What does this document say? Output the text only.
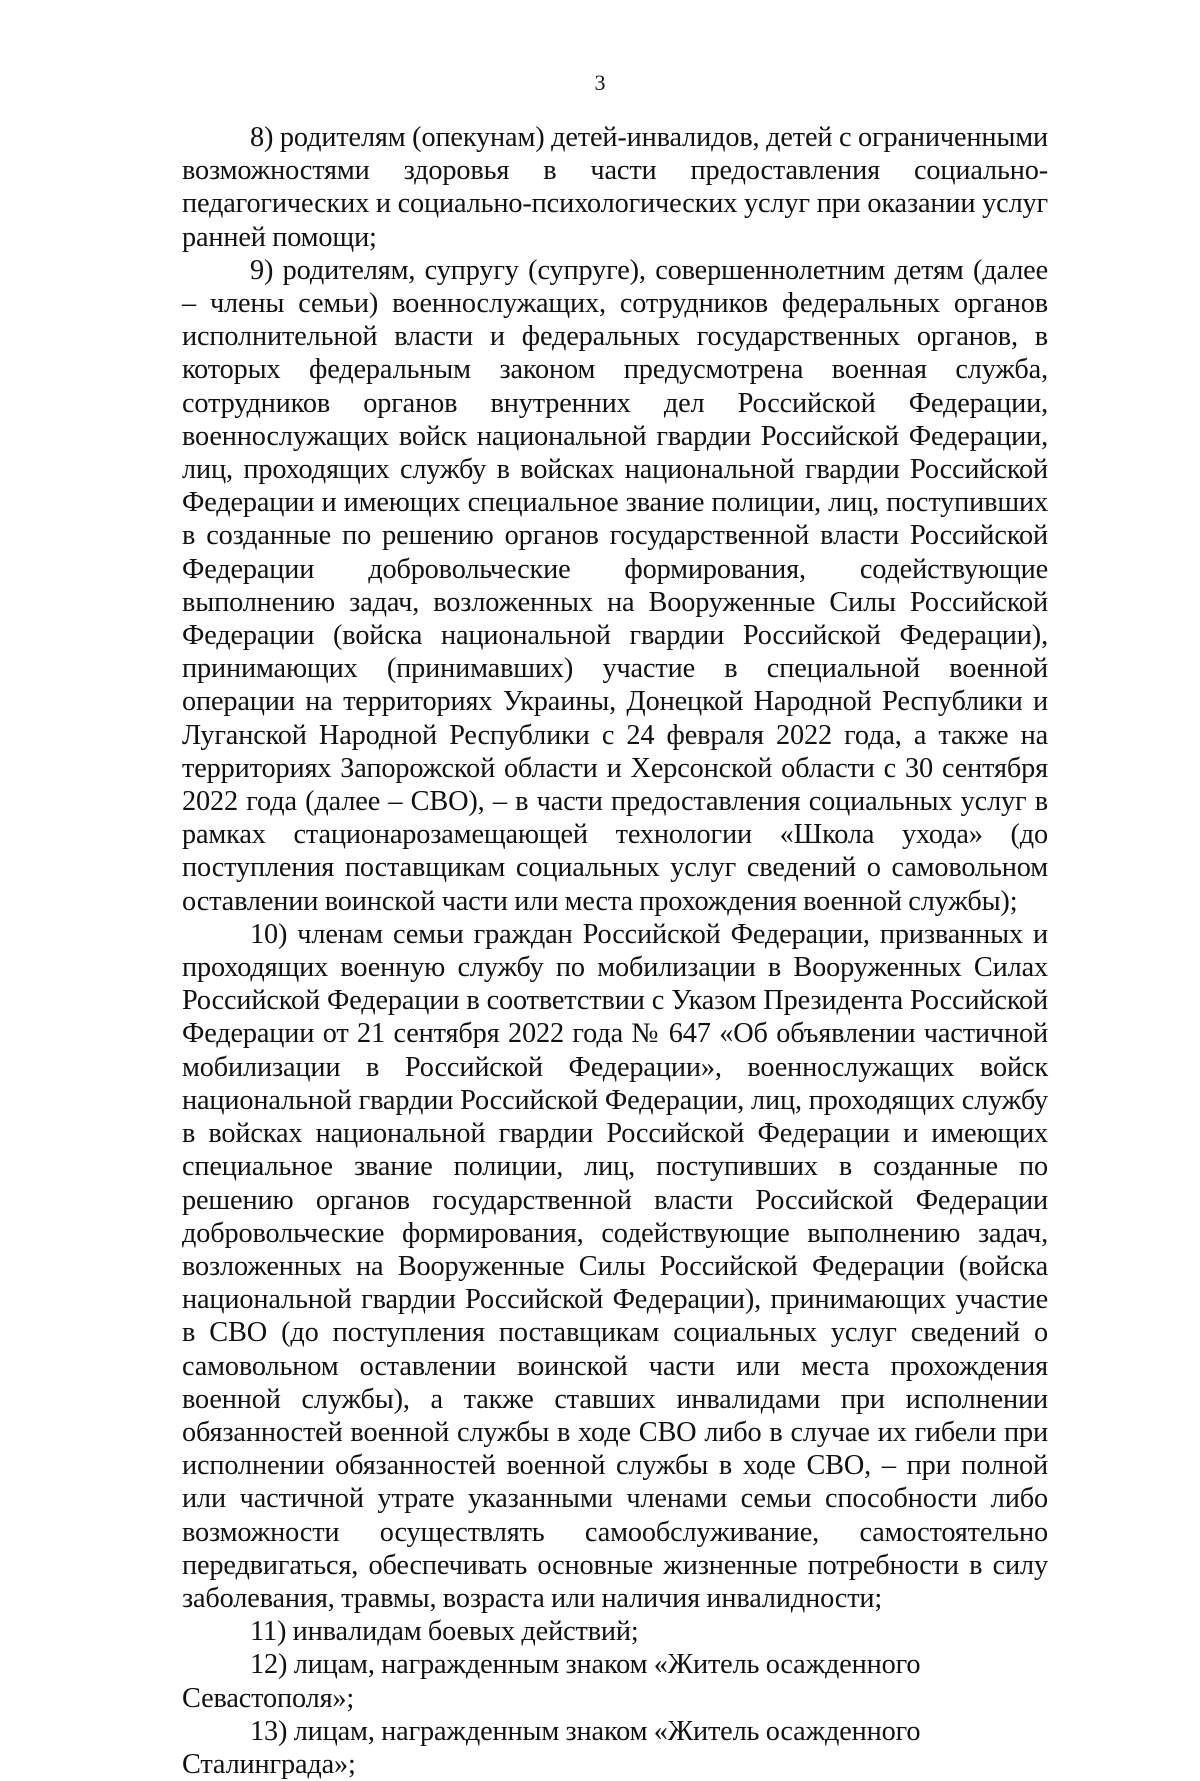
3

8) родителям (опекунам) детей-инвалидов, детей с ограниченными возможностями здоровья в части предоставления социально-педагогических и социально-психологических услуг при оказании услуг ранней помощи;

9) родителям, супругу (супруге), совершеннолетним детям (далее – члены семьи) военнослужащих, сотрудников федеральных органов исполнительной власти и федеральных государственных органов, в которых федеральным законом предусмотрена военная служба, сотрудников органов внутренних дел Российской Федерации, военнослужащих войск национальной гвардии Российской Федерации, лиц, проходящих службу в войсках национальной гвардии Российской Федерации и имеющих специальное звание полиции, лиц, поступивших в созданные по решению органов государственной власти Российской Федерации добровольческие формирования, содействующие выполнению задач, возложенных на Вооруженные Силы Российской Федерации (войска национальной гвардии Российской Федерации), принимающих (принимавших) участие в специальной военной операции на территориях Украины, Донецкой Народной Республики и Луганской Народной Республики с 24 февраля 2022 года, а также на территориях Запорожской области и Херсонской области с 30 сентября 2022 года (далее – СВО), – в части предоставления социальных услуг в рамках стационарозамещающей технологии «Школа ухода» (до поступления поставщикам социальных услуг сведений о самовольном оставлении воинской части или места прохождения военной службы);

10) членам семьи граждан Российской Федерации, призванных и проходящих военную службу по мобилизации в Вооруженных Силах Российской Федерации в соответствии с Указом Президента Российской Федерации от 21 сентября 2022 года № 647 «Об объявлении частичной мобилизации в Российской Федерации», военнослужащих войск национальной гвардии Российской Федерации, лиц, проходящих службу в войсках национальной гвардии Российской Федерации и имеющих специальное звание полиции, лиц, поступивших в созданные по решению органов государственной власти Российской Федерации добровольческие формирования, содействующие выполнению задач, возложенных на Вооруженные Силы Российской Федерации (войска национальной гвардии Российской Федерации), принимающих участие в СВО (до поступления поставщикам социальных услуг сведений о самовольном оставлении воинской части или места прохождения военной службы), а также ставших инвалидами при исполнении обязанностей военной службы в ходе СВО либо в случае их гибели при исполнении обязанностей военной службы в ходе СВО, – при полной или частичной утрате указанными членами семьи способности либо возможности осуществлять самообслуживание, самостоятельно передвигаться, обеспечивать основные жизненные потребности в силу заболевания, травмы, возраста или наличия инвалидности;

11) инвалидам боевых действий;

12) лицам, награжденным знаком «Житель осажденного Севастополя»;

13) лицам, награжденным знаком «Житель осажденного Сталинграда»;
